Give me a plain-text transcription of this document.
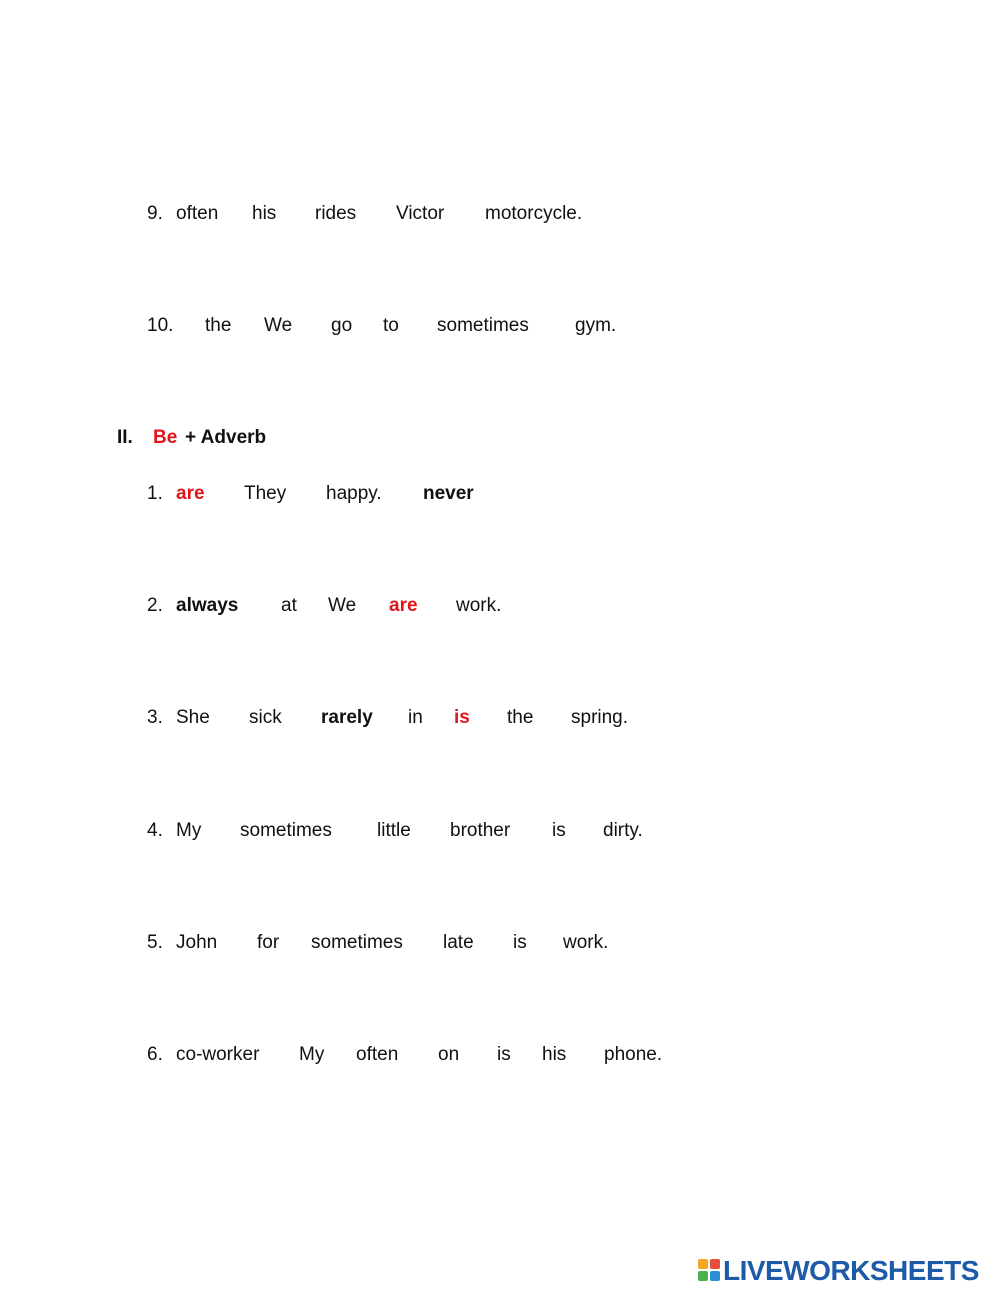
9. often his rides Victor motorcycle.
10. the We go to sometimes gym.
II. Be + Adverb
1. are They happy. never
2. always at We are work.
3. She sick rarely in is the spring.
4. My sometimes little brother is dirty.
5. John for sometimes late is work.
6. co-worker My often on is his phone.
LIVEWORKSHEETS
